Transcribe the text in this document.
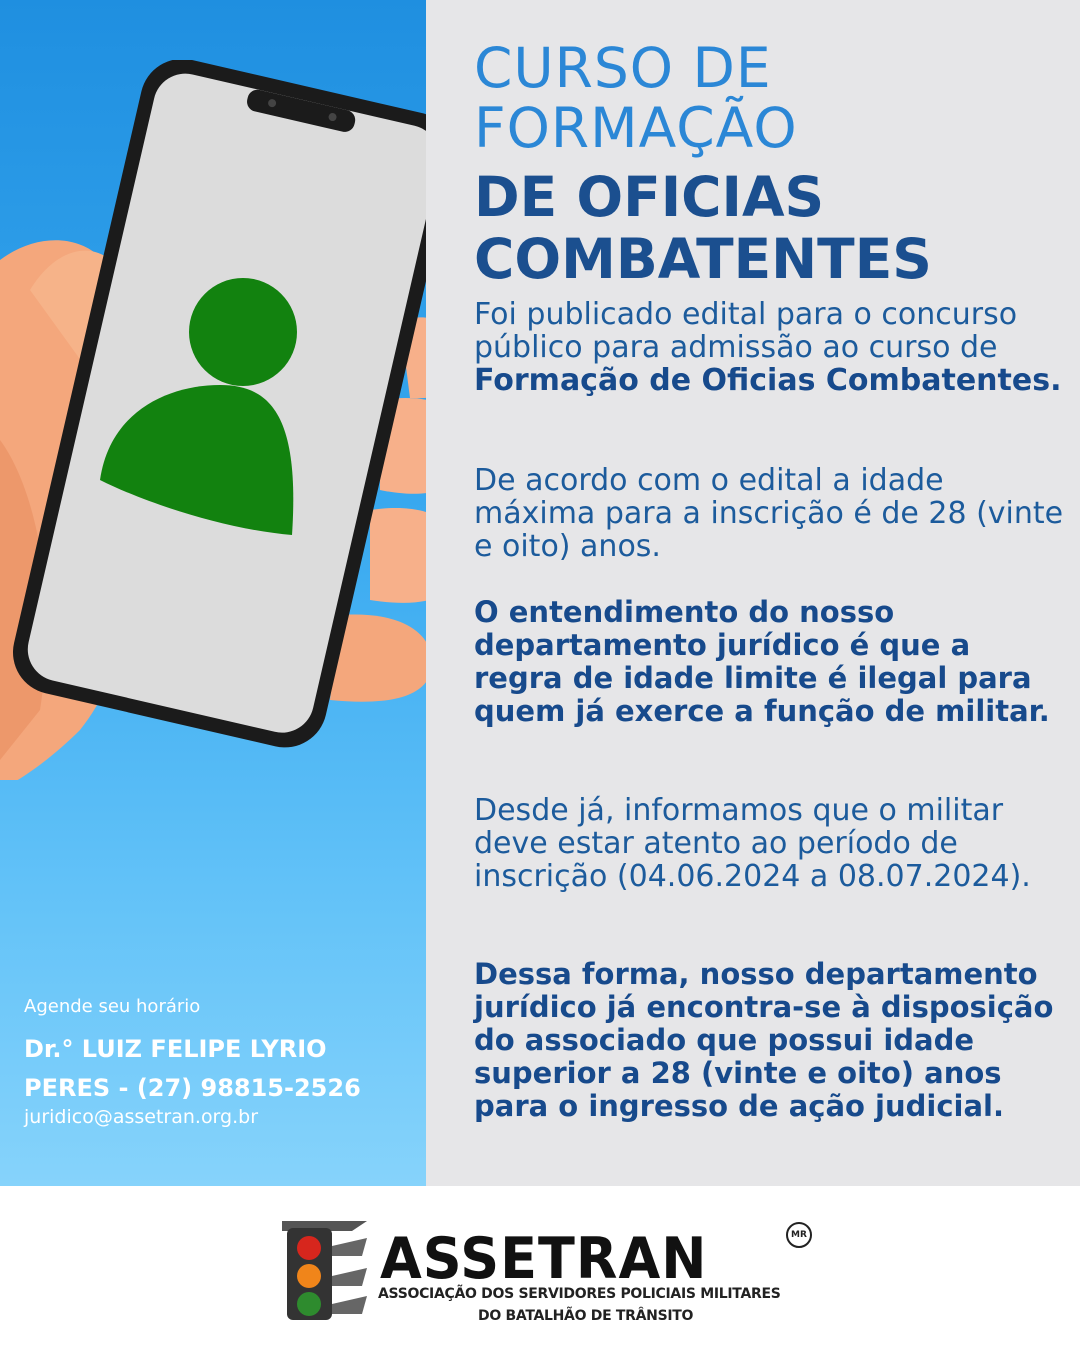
Agende seu horário
Dr.° LUIZ FELIPE LYRIO PERES - (27) 98815-2526
juridico@assetran.org.br
CURSO DE FORMAÇÃO
DE OFICIAS COMBATENTES

Foi publicado edital para o concurso público para admissão ao curso de Formação de Oficias Combatentes.

De acordo com o edital a idade máxima para a inscrição é de 28 (vinte e oito) anos.

O entendimento do nosso departamento jurídico é que a regra de idade limite é ilegal para quem já exerce a função de militar.

Desde já, informamos que o militar deve estar atento ao período de inscrição (04.06.2024 a 08.07.2024).

Dessa forma, nosso departamento jurídico já encontra-se à disposição do associado que possui idade superior a 28 (vinte e oito) anos para o ingresso de ação judicial.

ASSETRAN	MR
ASSOCIAÇÃO DOS SERVIDORES POLICIAIS MILITARES
DO BATALHÃO DE TRÂNSITO
